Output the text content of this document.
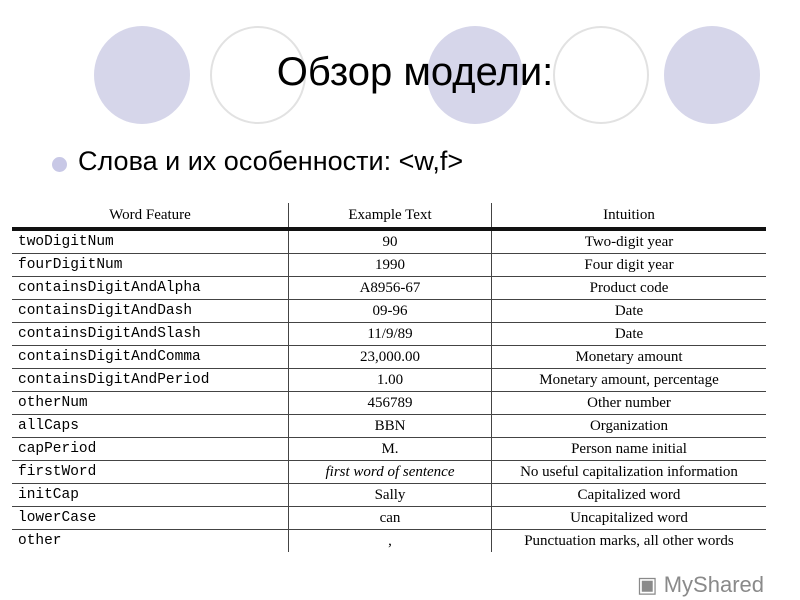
Обзор модели:
Слова и их особенности: <w,f>
Word Feature	Example Text	Intuition
twoDigitNum	90	Two-digit year
fourDigitNum	1990	Four digit year
containsDigitAndAlpha	A8956-67	Product code
containsDigitAndDash	09-96	Date
containsDigitAndSlash	11/9/89	Date
containsDigitAndComma	23,000.00	Monetary amount
containsDigitAndPeriod	1.00	Monetary amount, percentage
otherNum	456789	Other number
allCaps	BBN	Organization
capPeriod	M.	Person name initial
firstWord	first word of sentence	No useful capitalization information
initCap	Sally	Capitalized word
lowerCase	can	Uncapitalized word
other	,	Punctuation marks, all other words
▣ MyShared
